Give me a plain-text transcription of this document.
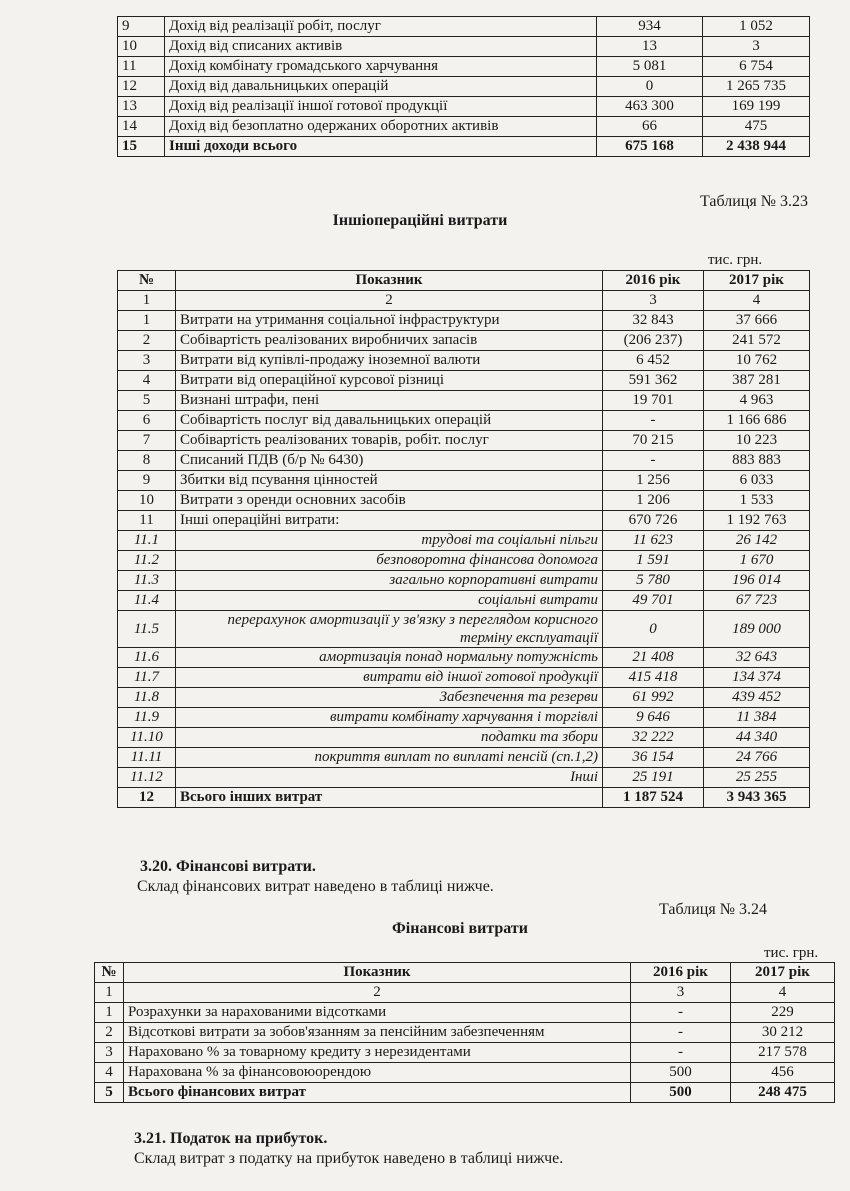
9	Дохід від реалізації робіт, послуг	934	1 052
10	Дохід від списаних активів	13	3
11	Дохід комбінату громадського харчування	5 081	6 754
12	Дохід від давальницьких операцій	0	1 265 735
13	Дохід від реалізації іншої готової продукції	463 300	169 199
14	Дохід від безоплатно одержаних оборотних активів	66	475
15	Інші доходи всього	675 168	2 438 944
Таблиця № 3.23
Іншіопераційні витрати
тис. грн.
№	Показник	2016 рік	2017 рік
1	2	3	4
1	Витрати на утримання соціальної інфраструктури	32 843	37 666
2	Собівартість реалізованих виробничих запасів	(206 237)	241 572
3	Витрати від купівлі-продажу іноземної валюти	6 452	10 762
4	Витрати від операційної курсової різниці	591 362	387 281
5	Визнані штрафи, пені	19 701	4 963
6	Собівартість послуг від давальницьких операцій	-	1 166 686
7	Собівартість реалізованих товарів, робіт. послуг	70 215	10 223
8	Списаний ПДВ (б/р № 6430)	-	883 883
9	Збитки від псування цінностей	1 256	6 033
10	Витрати з оренди основних засобів	1 206	1 533
11	Інші операційні витрати:	670 726	1 192 763
11.1	трудові та соціальні пільги	11 623	26 142
11.2	безповоротна фінансова допомога	1 591	1 670
11.3	загально корпоративні витрати	5 780	196 014
11.4	соціальні витрати	49 701	67 723
11.5	перерахунок амортизації у зв'язку з переглядом корисного терміну експлуатації	0	189 000
11.6	амортизація понад нормальну потужність	21 408	32 643
11.7	витрати від іншої готової продукції	415 418	134 374
11.8	Забезпечення та резерви	61 992	439 452
11.9	витрати комбінату харчування і торгівлі	9 646	11 384
11.10	податки та збори	32 222	44 340
11.11	покриття виплат по виплаті пенсій (сп.1,2)	36 154	24 766
11.12	Інші	25 191	25 255
12	Всього інших витрат	1 187 524	3 943 365
3.20. Фінансові витрати.
Склад фінансових витрат наведено в таблиці нижче.
Таблиця № 3.24
Фінансові витрати
тис. грн.
№	Показник	2016 рік	2017 рік
1	2	3	4
1	Розрахунки за нарахованими відсотками	-	229
2	Відсоткові витрати за зобов'язанням за пенсійним забезпеченням	-	30 212
3	Нараховано % за товарному кредиту з нерезидентами	-	217 578
4	Нарахована % за фінансовоюорендою	500	456
5	Всього фінансових витрат	500	248 475
3.21. Податок на прибуток.
Склад витрат з податку на прибуток наведено в таблиці нижче.
